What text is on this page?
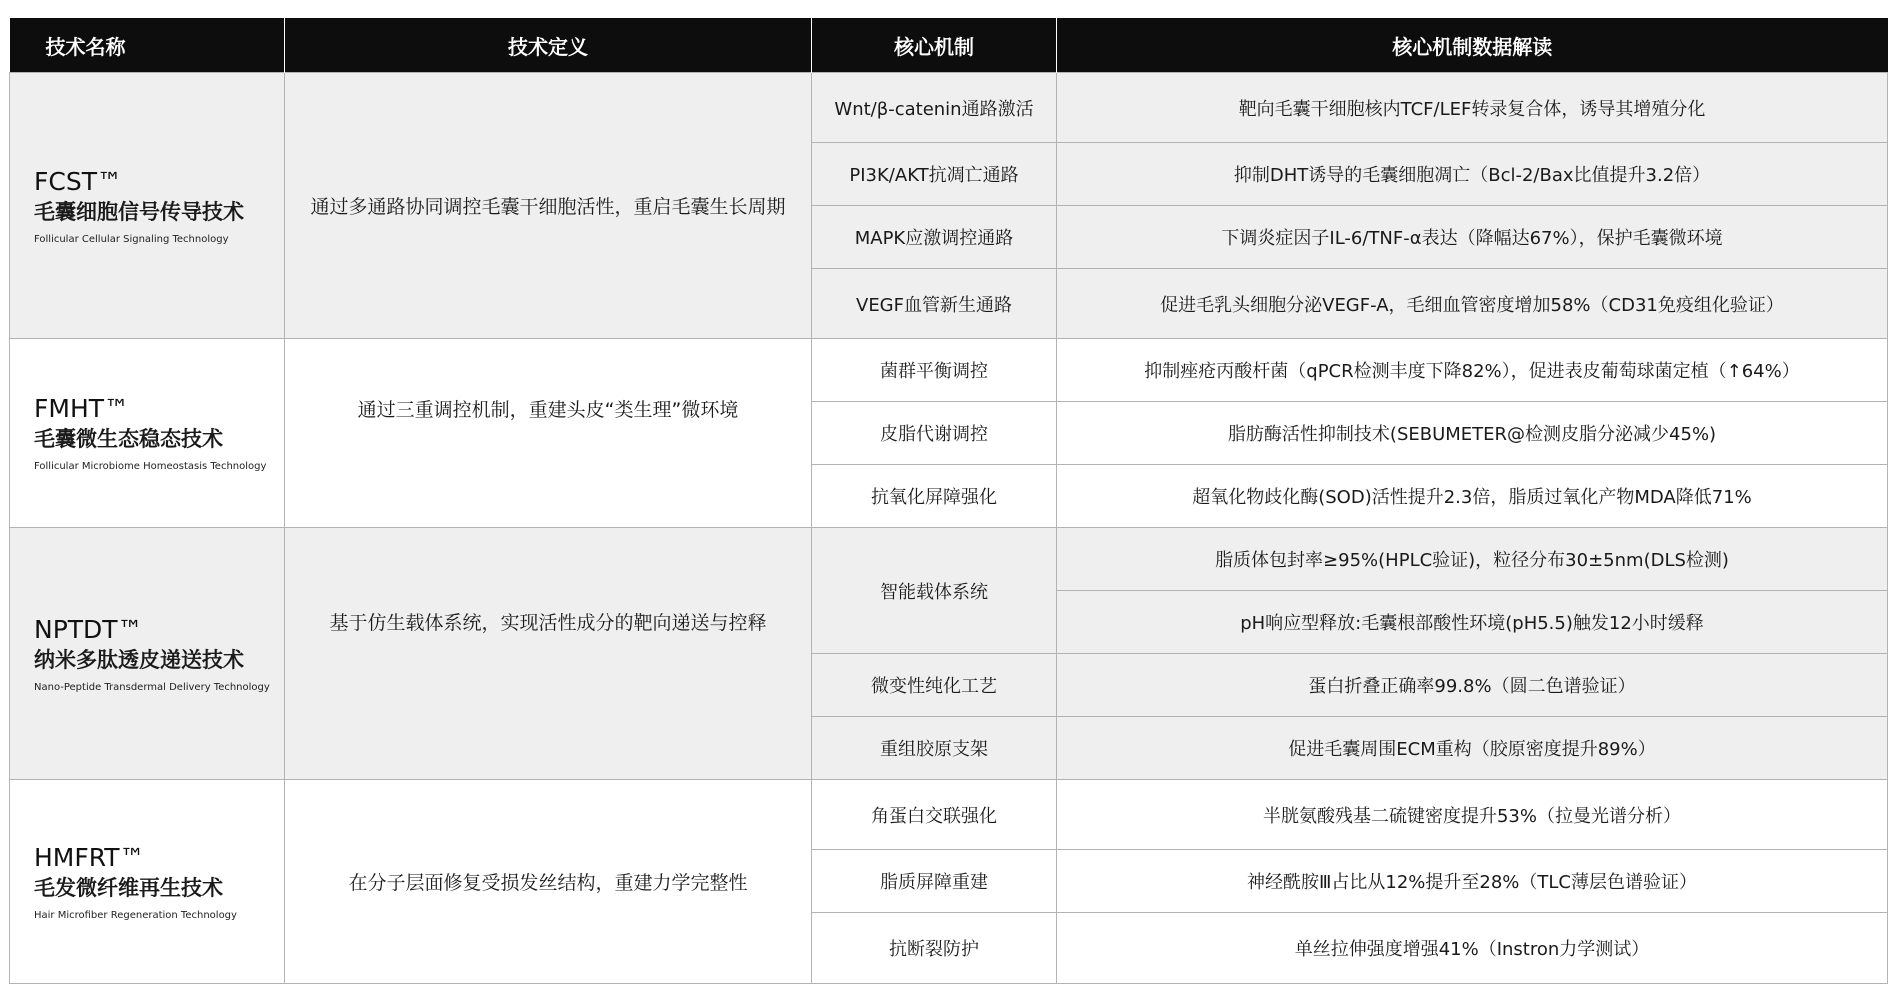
技术名称	技术定义	核心机制	核心机制数据解读

FCST™
毛囊细胞信号传导技术
Follicular Cellular Signaling Technology	通过多通路协同调控毛囊干细胞活性，重启毛囊生长周期	Wnt/β-catenin通路激活	靶向毛囊干细胞核内TCF/LEF转录复合体，诱导其增殖分化
		PI3K/AKT抗凋亡通路	抑制DHT诱导的毛囊细胞凋亡（Bcl-2/Bax比值提升3.2倍）
		MAPK应激调控通路	下调炎症因子IL-6/TNF-α表达（降幅达67%），保护毛囊微环境
		VEGF血管新生通路	促进毛乳头细胞分泌VEGF-A，毛细血管密度增加58%（CD31免疫组化验证）

FMHT™
毛囊微生态稳态技术
Follicular Microbiome Homeostasis Technology	通过三重调控机制，重建头皮“类生理”微环境	菌群平衡调控	抑制痤疮丙酸杆菌（qPCR检测丰度下降82%），促进表皮葡萄球菌定植（↑64%）
		皮脂代谢调控	脂肪酶活性抑制技术(SEBUMETER@检测皮脂分泌减少45%)
		抗氧化屏障强化	超氧化物歧化酶(SOD)活性提升2.3倍，脂质过氧化产物MDA降低71%

NPTDT™
纳米多肽透皮递送技术
Nano-Peptide Transdermal Delivery Technology	基于仿生载体系统，实现活性成分的靶向递送与控释	智能载体系统	脂质体包封率≥95%(HPLC验证)，粒径分布30±5nm(DLS检测)
			pH响应型释放:毛囊根部酸性环境(pH5.5)触发12小时缓释
		微变性纯化工艺	蛋白折叠正确率99.8%（圆二色谱验证）
		重组胶原支架	促进毛囊周围ECM重构（胶原密度提升89%）

HMFRT™
毛发微纤维再生技术
Hair Microfiber Regeneration Technology	在分子层面修复受损发丝结构，重建力学完整性	角蛋白交联强化	半胱氨酸残基二硫键密度提升53%（拉曼光谱分析）
		脂质屏障重建	神经酰胺Ⅲ占比从12%提升至28%（TLC薄层色谱验证）
		抗断裂防护	单丝拉伸强度增强41%（Instron力学测试）
